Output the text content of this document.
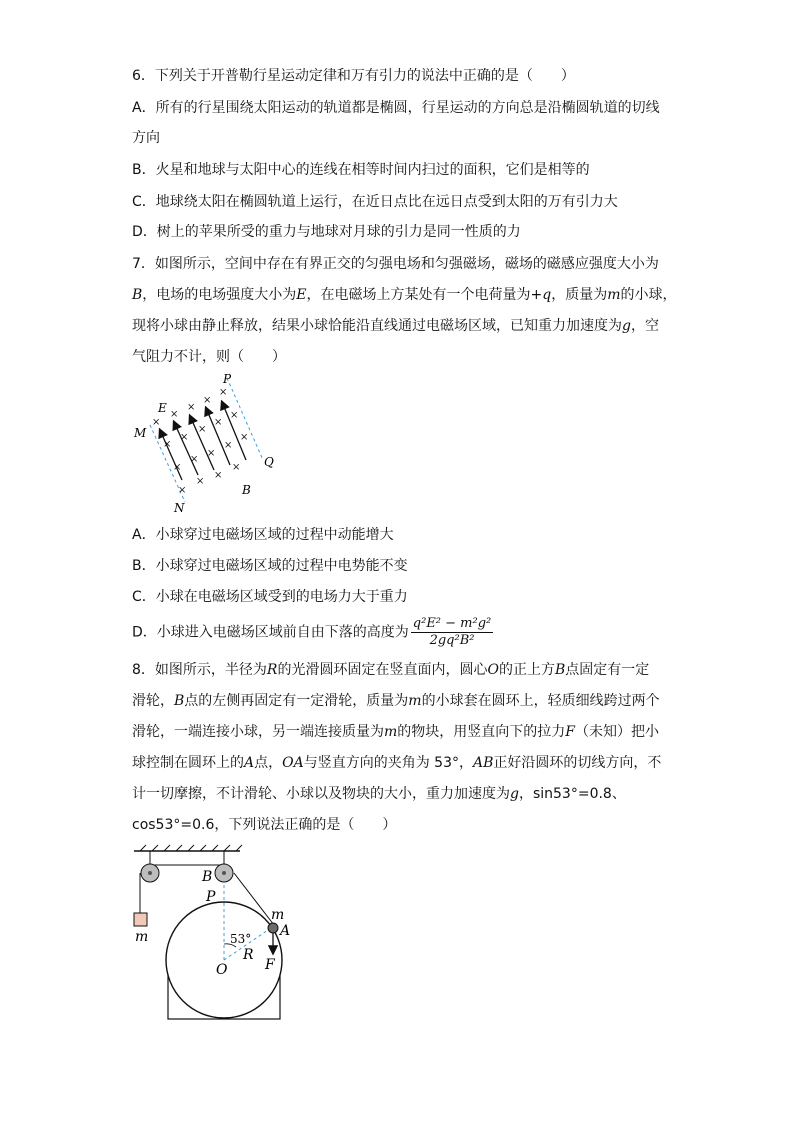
6．下列关于开普勒行星运动定律和万有引力的说法中正确的是（　　）
A．所有的行星围绕太阳运动的轨道都是椭圆，行星运动的方向总是沿椭圆轨道的切线
方向
B．火星和地球与太阳中心的连线在相等时间内扫过的面积，它们是相等的
C．地球绕太阳在椭圆轨道上运行，在近日点比在远日点受到太阳的万有引力大
D．树上的苹果所受的重力与地球对月球的引力是同一性质的力
7．如图所示，空间中存在有界正交的匀强电场和匀强磁场，磁场的磁感应强度大小为
B，电场的电场强度大小为E，在电磁场上方某处有一个电荷量为+q，质量为m的小球，
现将小球由静止释放，结果小球恰能沿直线通过电磁场区域，已知重力加速度为g，空
气阻力不计，则（　　）
×
×
×
×
×
×
×
×
×
×
×
×
×
×
×
×
×
×
×
P
E
M
Q
B
N
A．小球穿过电磁场区域的过程中动能增大
B．小球穿过电磁场区域的过程中电势能不变
C．小球在电磁场区域受到的电场力大于重力
D．小球进入电磁场区域前自由下落的高度为 $\frac{\text{q²E² − m²g²}}{\text{2gq²B²}}$
8．如图所示，半径为R的光滑圆环固定在竖直面内，圆心O的正上方B点固定有一定
滑轮，B点的左侧再固定有一定滑轮，质量为m的小球套在圆环上，轻质细线跨过两个
滑轮，一端连接小球，另一端连接质量为m的物块，用竖直向下的拉力F（未知）把小
球控制在圆环上的A点，OA与竖直方向的夹角为 53°，AB正好沿圆环的切线方向，不
计一切摩擦，不计滑轮、小球以及物块的大小，重力加速度为g，sin53°=0.8、
cos53°=0.6，下列说法正确的是（　　）
B
P
m
A
53°
R
O	F
m
